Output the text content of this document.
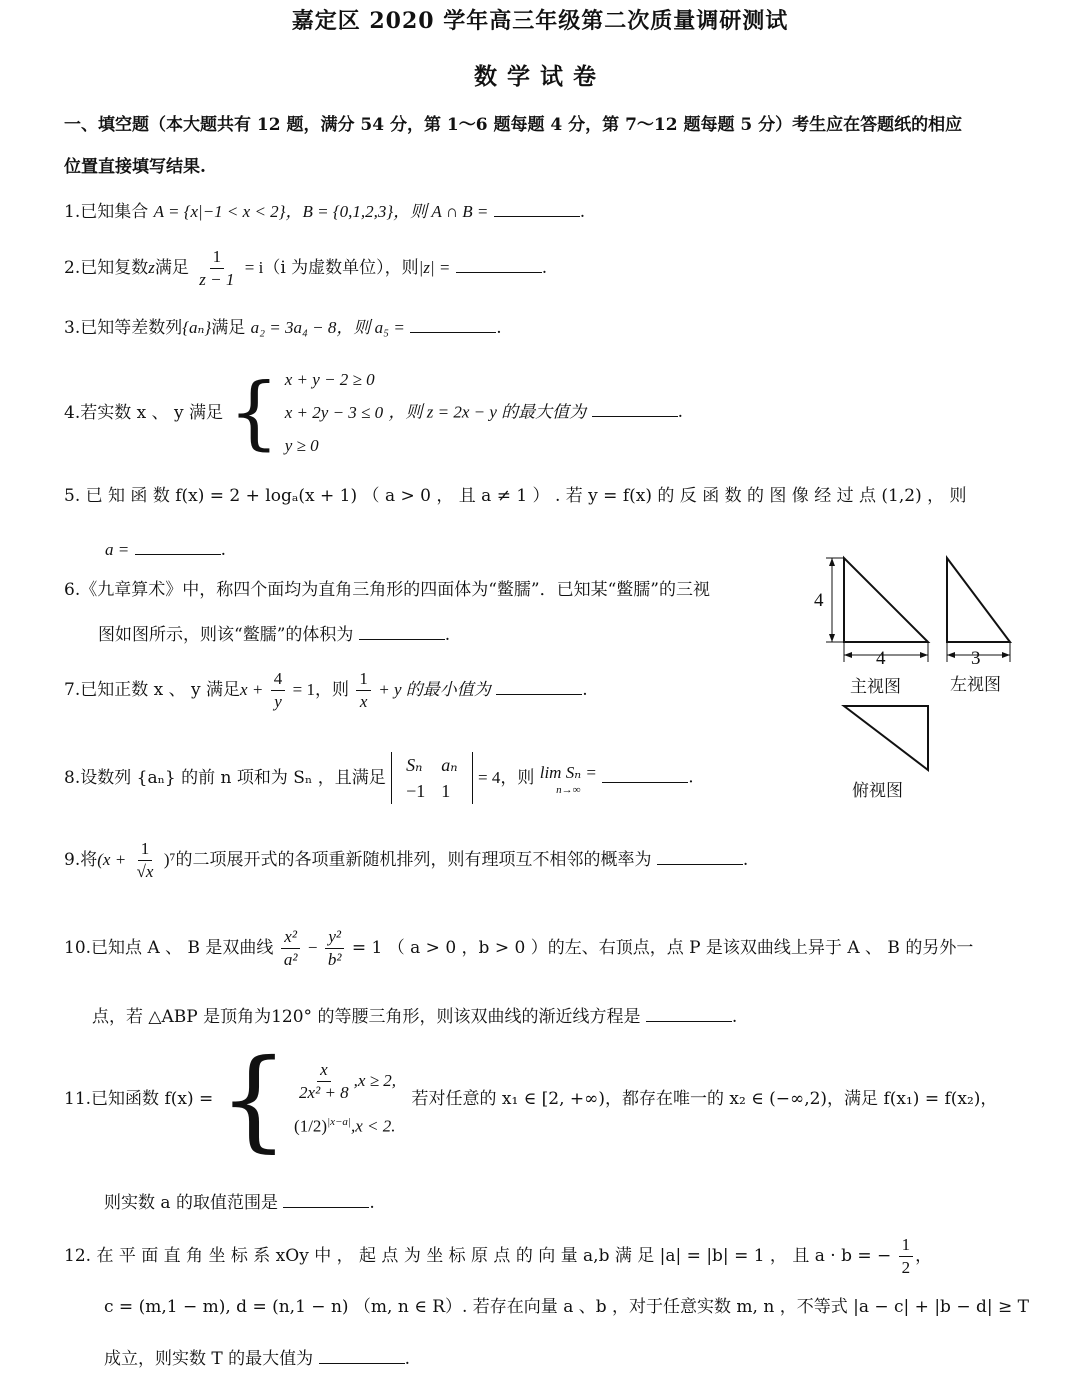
嘉定区 2020 学年高三年级第二次质量调研测试
数学试卷
一、填空题（本大题共有 12 题，满分 54 分，第 1～6 题每题 4 分，第 7～12 题每题 5 分）考生应在答题纸的相应
位置直接填写结果.
1.已知集合 A = {x|−1 < x < 2}，B = {0,1,2,3}，则 A ∩ B =	.
2.已知复数z满足 $\frac{1}{z - 1} = i(i$ 为虚数单位），则|z| =	.
3.已知等差数列{aₙ}满足 a₂ = 3a₄ − 8，则 a₅ =	.
4.若实数 x 、 y 满足 { x + y − 2 ≥ 0
x + 2y − 3 ≤ 0
y ≥ 0
，则 z = 2x − y 的最大值为	.
5. 已 知 函 数 f(x) = 2 + logₐ(x + 1) （ a > 0 ， 且 a ≠ 1 ） . 若 y = f(x) 的 反 函 数 的 图 像 经 过 点 (1,2) ， 则
a =	.
6.《九章算术》中，称四个面均为直角三角形的四面体为“鳖臑”．已知某“鳖臑”的三视
图如图所示，则该“鳖臑”的体积为	.
4
4	3
主视图	左视图
俯视图
7.已知正数 x 、 y 满足$x + \frac{4}{y} = 1$，则 $\frac{1}{x} + y$ 的最小值为	.
8.设数列 {aₙ} 的前 n 项和为 Sₙ ，且满足
Sₙ	aₙ
−1	1
= 4，则 lim Sₙ =
n→∞
.
9.将$(x + \frac{1}{√x} )^7$的二项展开式的各项重新随机排列，则有理项互不相邻的概率为	.
10.已知点 A 、 B 是双曲线 $\frac{\text{x²}}{\text{a²}} - \frac{\text{y²}}{\text{b²}} = 1$ （ a > 0 ，b > 0 ）的左、右顶点，点 P 是该双曲线上异于 A 、 B 的另外一
点，若 △ABP 是顶角为120° 的等腰三角形，则该双曲线的渐近线方程是	.
11.已知函数 f(x) = { $\frac{x}{\text{2x² + 8}} ,x \ge 2$,
$(1/2)^{|x-a|},x < 2$.
若对任意的 x₁ ∈ [2, +∞)，都存在唯一的 x₂ ∈ (−∞,2)，满足 f(x₁) = f(x₂)，
则实数 a 的取值范围是	.
12. 在 平 面 直 角 坐 标 系 xOy 中 ， 起 点 为 坐 标 原 点 的 向 量 a,b 满 足 |a| = |b| = 1 ， 且 a · b = − $\frac{1}{2}$ ，
c = (m,1 − m), d = (n,1 − n) （m, n ∈ R）. 若存在向量 a 、b ，对于任意实数 m, n ，不等式 |a − c| + |b − d| ≥ T
成立，则实数 T 的最大值为	.
